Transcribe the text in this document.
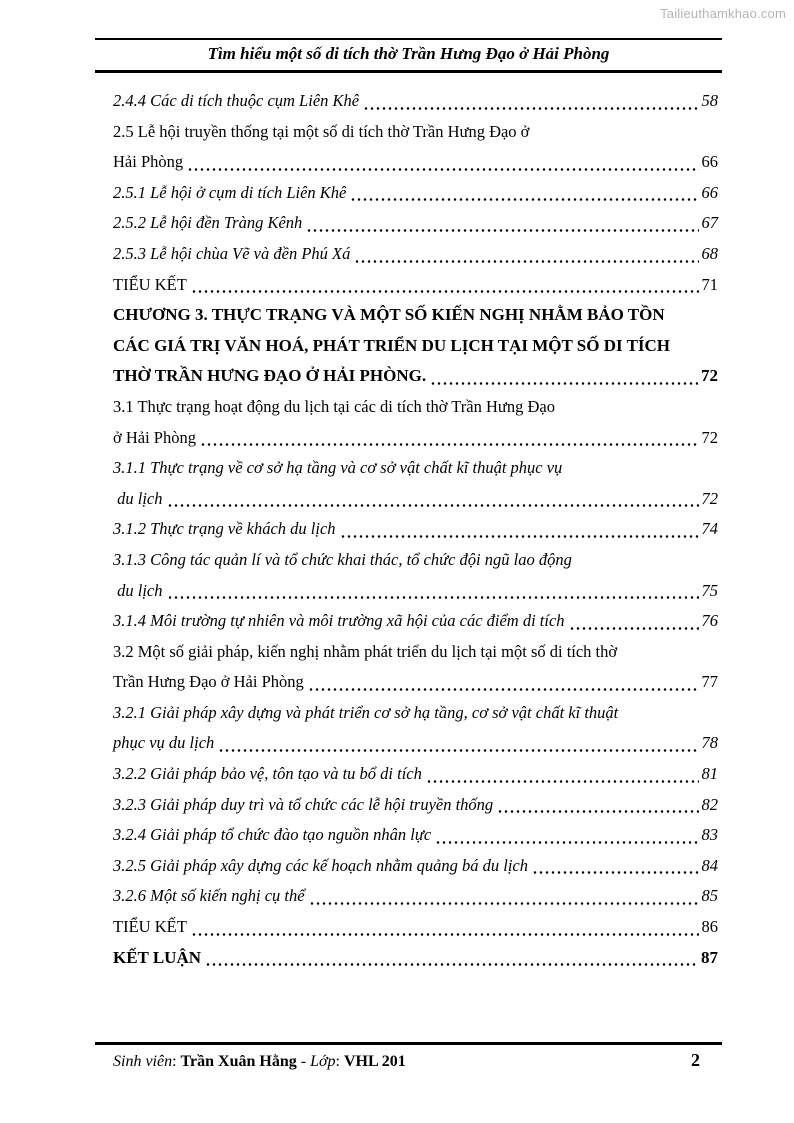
Tailieuthamkhao.com
Tìm hiểu một số di tích thờ Trần Hưng Đạo ở Hải Phòng
2.4.4 Các di tích thuộc cụm Liên Khê	58
2.5 Lễ hội truyền thống tại một số di tích thờ Trần Hưng Đạo ở
Hải Phòng	66
2.5.1 Lễ hội ở cụm di tích Liên Khê	66
2.5.2 Lễ hội đền Tràng Kênh	67
2.5.3 Lễ hội chùa Vẽ và đền Phú Xá	68
TIỂU KẾT	71
CHƯƠNG 3. THỰC TRẠNG VÀ MỘT SỐ KIẾN NGHỊ NHẰM BẢO TỒN
CÁC GIÁ TRỊ VĂN HOÁ, PHÁT TRIỂN DU LỊCH TẠI MỘT SỐ DI TÍCH
THỜ TRẦN HƯNG ĐẠO Ở HẢI PHÒNG.	72
3.1 Thực trạng hoạt động du lịch tại các di tích thờ Trần Hưng Đạo
ở Hải Phòng	72
3.1.1 Thực trạng về cơ sở hạ tầng và cơ sở vật chất kĩ thuật phục vụ
du lịch	72
3.1.2 Thực trạng về khách du lịch	74
3.1.3 Công tác quản lí và tổ chức khai thác, tổ chức đội ngũ lao động
du lịch	75
3.1.4 Môi trường tự nhiên và môi trường xã hội của các điểm di tích	76
3.2 Một số giải pháp, kiến nghị nhằm phát triển du lịch tại một số di tích thờ
Trần Hưng Đạo ở Hải Phòng	77
3.2.1 Giải pháp xây dựng và phát triển cơ sở hạ tầng, cơ sở vật chất kĩ thuật
phục vụ du lịch	78
3.2.2 Giải pháp bảo vệ, tôn tạo và tu bổ di tích	81
3.2.3 Giải pháp duy trì và tổ chức các lễ hội truyền thống	82
3.2.4 Giải pháp tổ chức đào tạo nguồn nhân lực	83
3.2.5 Giải pháp xây dựng các kế hoạch nhằm quảng bá du lịch	84
3.2.6 Một số kiến nghị cụ thể	85
TIỂU KẾT	86
KẾT LUẬN	87
Sinh viên: Trần Xuân Hằng - Lớp: VHL 201	2
